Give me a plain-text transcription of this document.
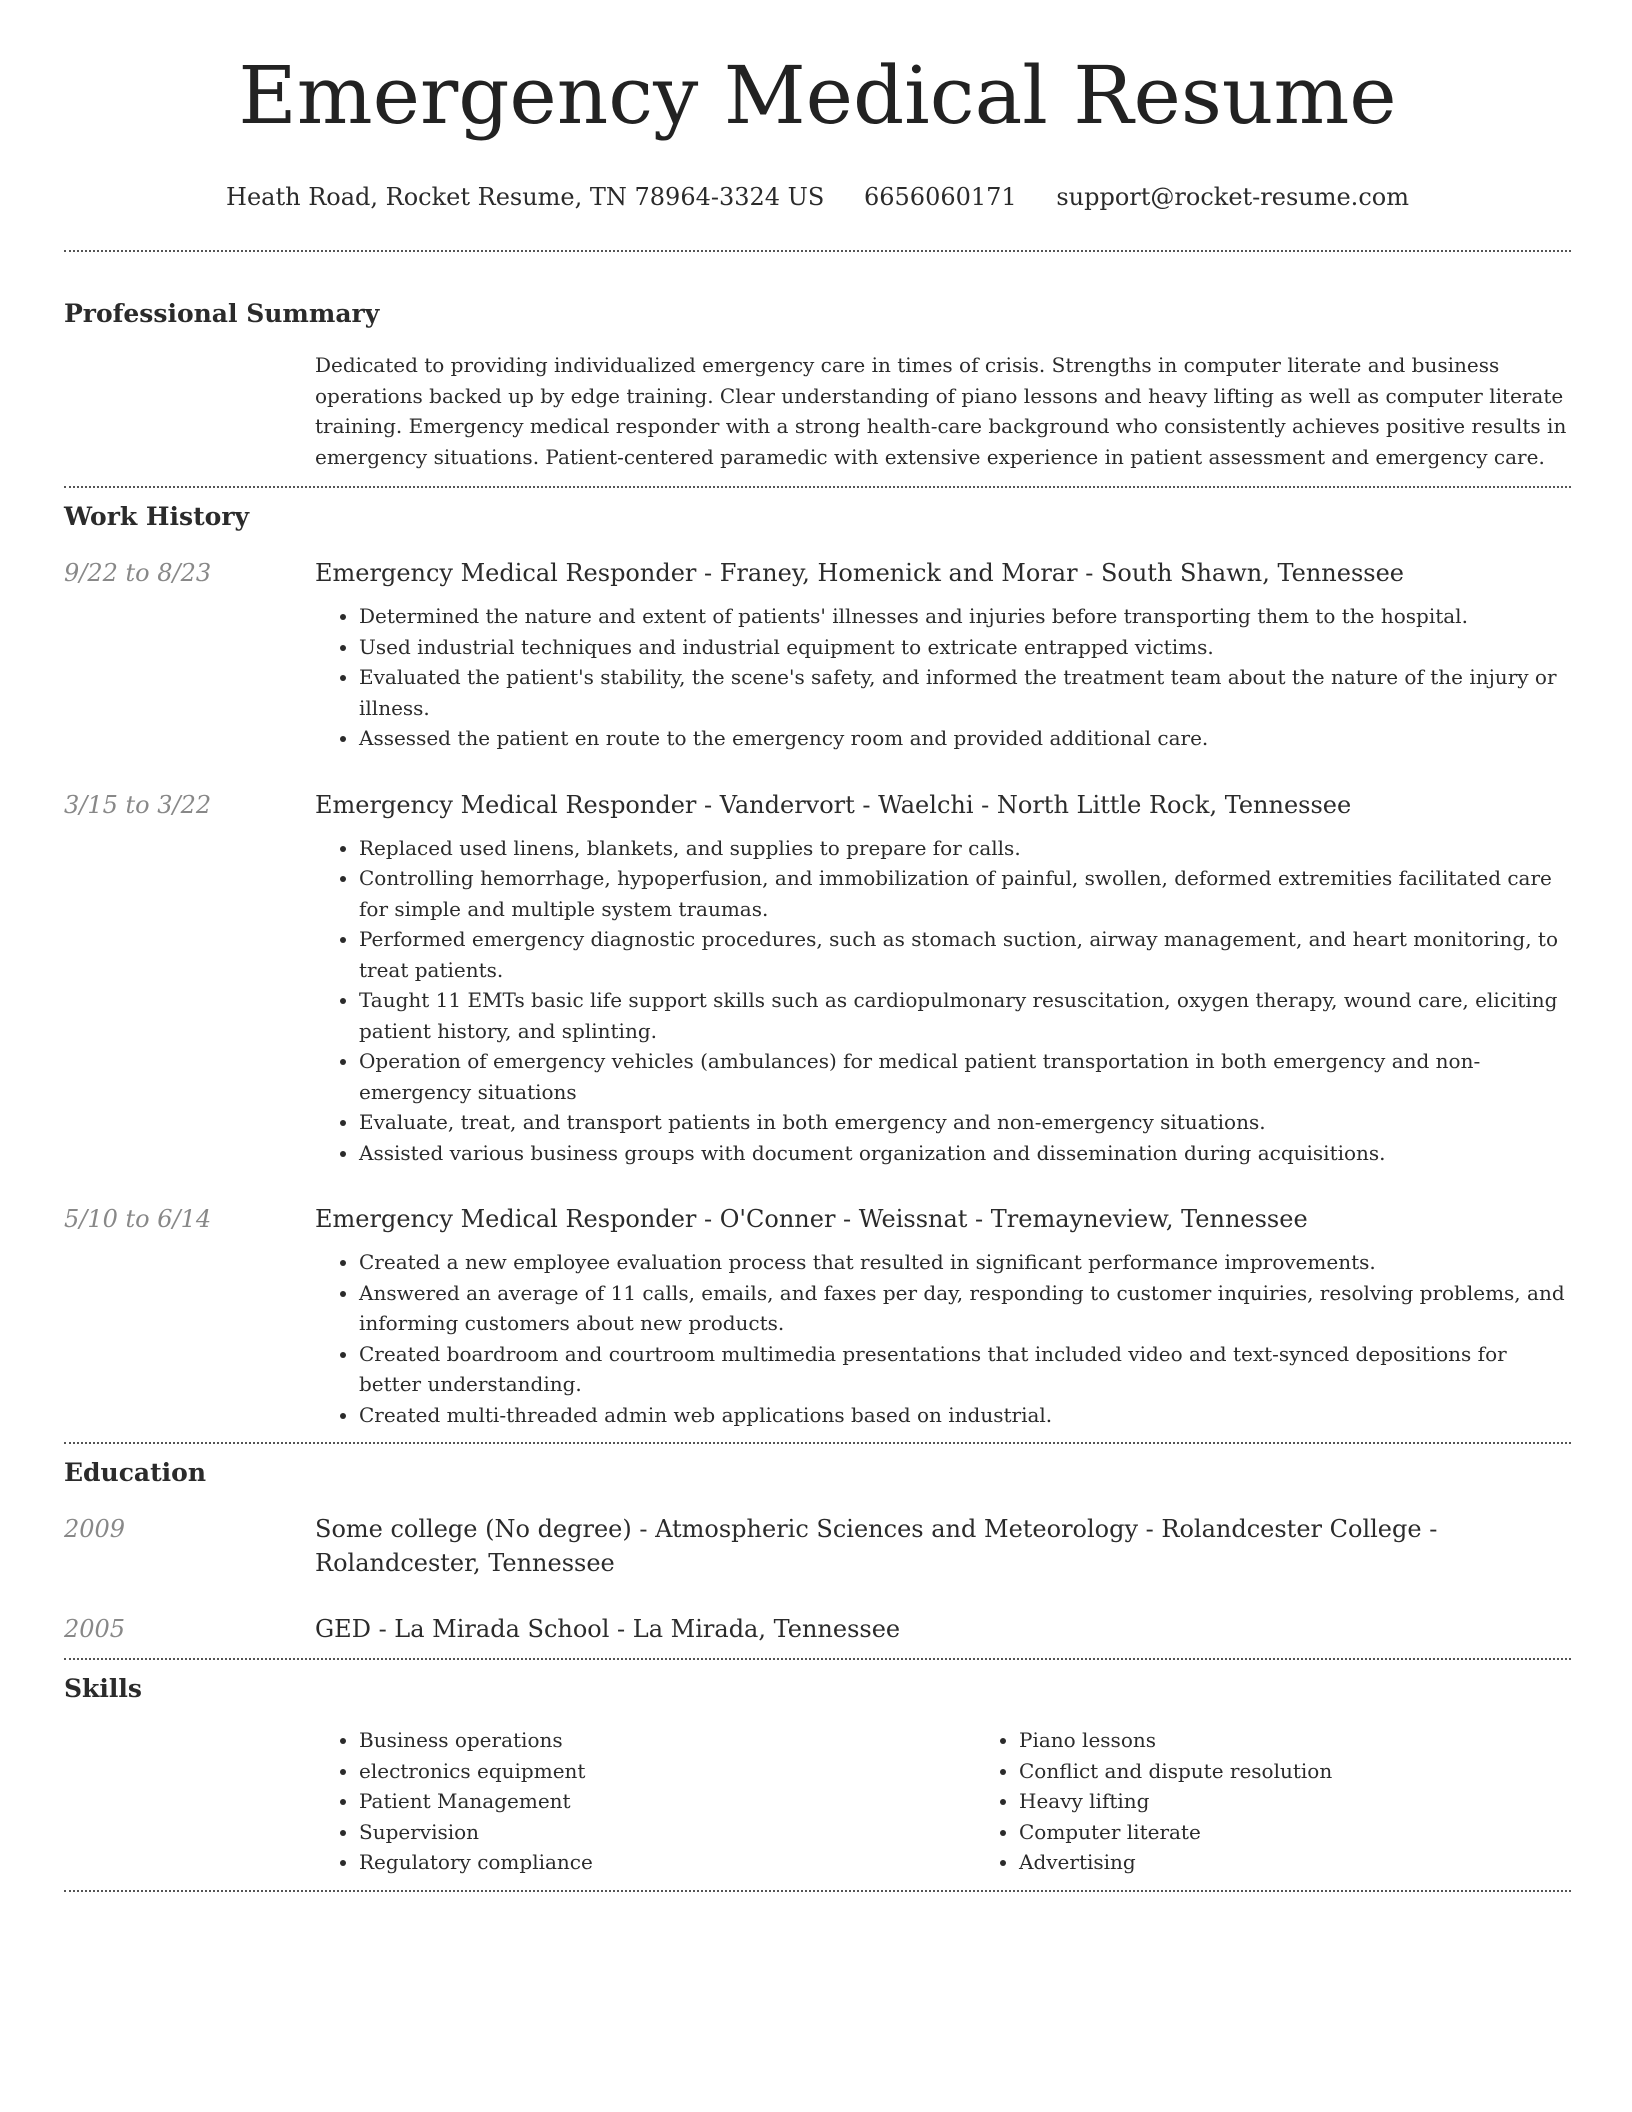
Emergency Medical Resume
Heath Road, Rocket Resume, TN 78964-3324 US 6656060171 support@rocket-resume.com
Professional Summary
Dedicated to providing individualized emergency care in times of crisis. Strengths in computer literate and business operations backed up by edge training. Clear understanding of piano lessons and heavy lifting as well as computer literate training. Emergency medical responder with a strong health-care background who consistently achieves positive results in emergency situations. Patient-centered paramedic with extensive experience in patient assessment and emergency care.
Work History
9/22 to 8/23	Emergency Medical Responder - Franey, Homenick and Morar - South Shawn, Tennessee
• Determined the nature and extent of patients' illnesses and injuries before transporting them to the hospital.
• Used industrial techniques and industrial equipment to extricate entrapped victims.
• Evaluated the patient's stability, the scene's safety, and informed the treatment team about the nature of the injury or illness.
• Assessed the patient en route to the emergency room and provided additional care.
3/15 to 3/22	Emergency Medical Responder - Vandervort - Waelchi - North Little Rock, Tennessee
• Replaced used linens, blankets, and supplies to prepare for calls.
• Controlling hemorrhage, hypoperfusion, and immobilization of painful, swollen, deformed extremities facilitated care for simple and multiple system traumas.
• Performed emergency diagnostic procedures, such as stomach suction, airway management, and heart monitoring, to treat patients.
• Taught 11 EMTs basic life support skills such as cardiopulmonary resuscitation, oxygen therapy, wound care, eliciting patient history, and splinting.
• Operation of emergency vehicles (ambulances) for medical patient transportation in both emergency and non-emergency situations
• Evaluate, treat, and transport patients in both emergency and non-emergency situations.
• Assisted various business groups with document organization and dissemination during acquisitions.
5/10 to 6/14	Emergency Medical Responder - O'Conner - Weissnat - Tremayneview, Tennessee
• Created a new employee evaluation process that resulted in significant performance improvements.
• Answered an average of 11 calls, emails, and faxes per day, responding to customer inquiries, resolving problems, and informing customers about new products.
• Created boardroom and courtroom multimedia presentations that included video and text-synced depositions for better understanding.
• Created multi-threaded admin web applications based on industrial.
Education
2009	Some college (No degree) - Atmospheric Sciences and Meteorology - Rolandcester College - Rolandcester, Tennessee
2005	GED - La Mirada School - La Mirada, Tennessee
Skills
• Business operations
• electronics equipment
• Patient Management
• Supervision
• Regulatory compliance
• Piano lessons
• Conflict and dispute resolution
• Heavy lifting
• Computer literate
• Advertising
